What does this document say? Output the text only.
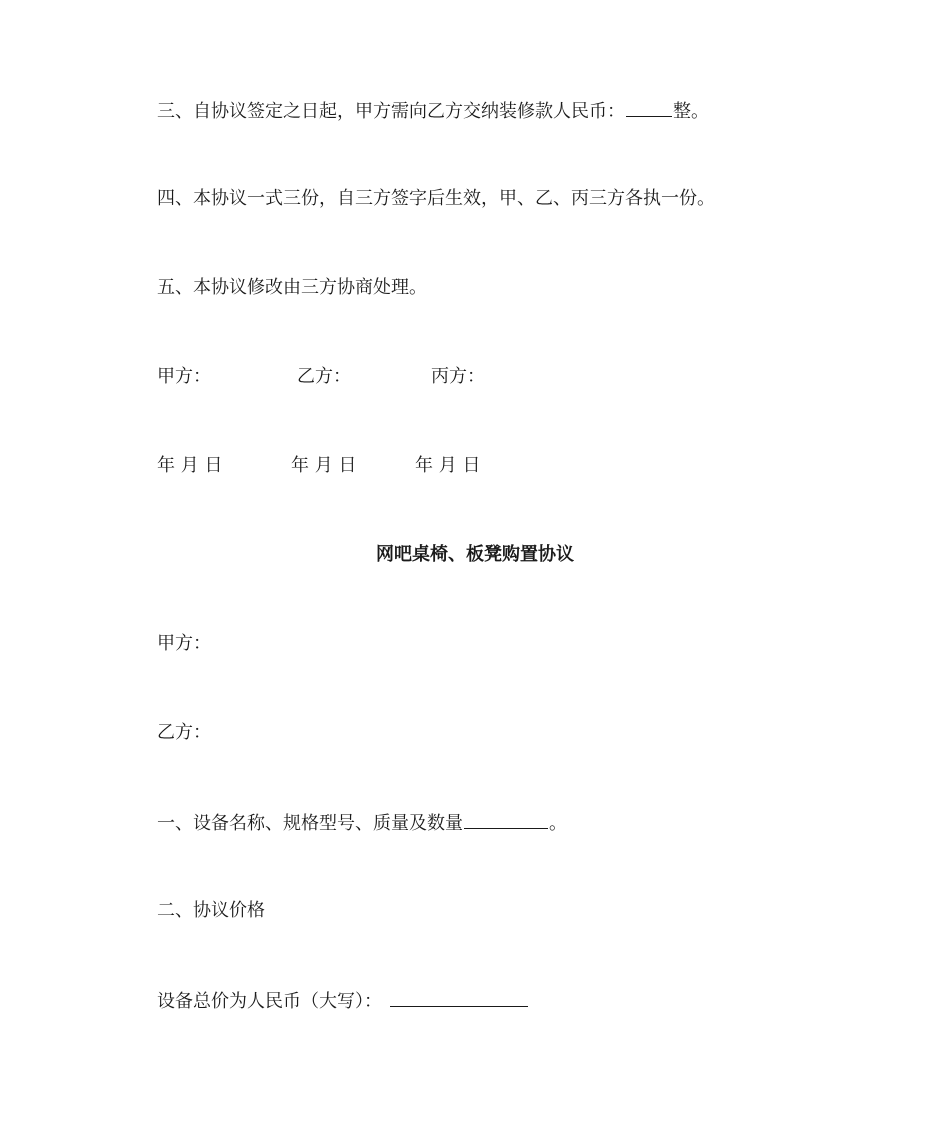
三、自协议签定之日起，甲方需向乙方交纳装修款人民币：	整。
四、本协议一式三份，自三方签字后生效，甲、乙、丙三方各执一份。
五、本协议修改由三方协商处理。
甲方：	乙方：	丙方：
年 月 日	年 月 日	年 月 日
网吧桌椅、板凳购置协议
甲方：
乙方：
一、设备名称、规格型号、质量及数量	。
二、协议价格
设备总价为人民币（大写）：
